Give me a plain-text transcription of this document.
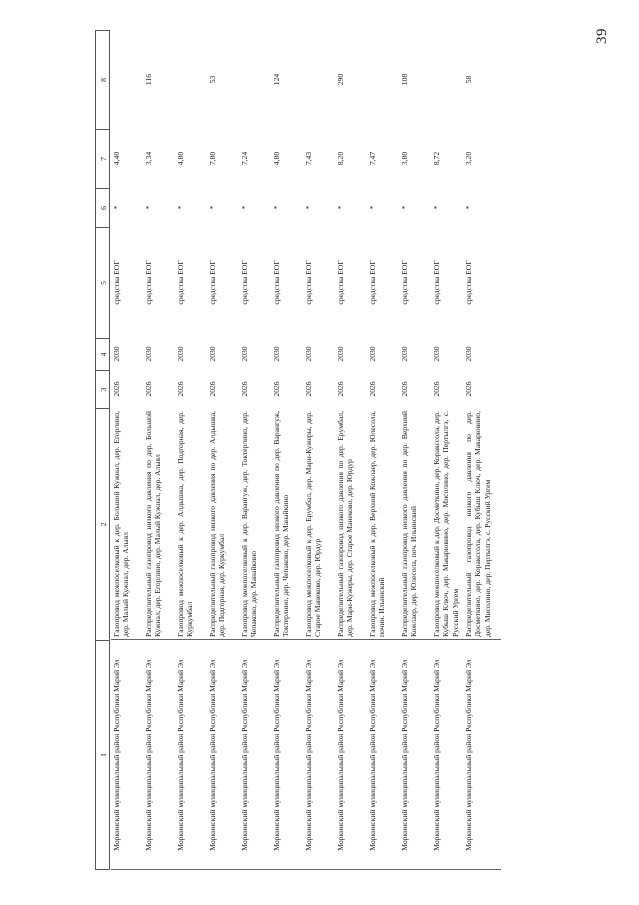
39
1
2
3
4
5
6
7
8
Моркинский муниципальный район Республики Марий Эл
Газопровод межпоселковый к дер. Большой Кужнал, дер. Егорлино, дер. Малый Кужнал, дер. Алыял
2026
2030
средства ЕОГ
*
4,40
Моркинский муниципальный район Республики Марий Эл
Распределительный газопровод низкого давления по дер. Большой Кужнал, дер. Егорлино, дер. Малый Кужнал, дер. Алыял
2026
2030
средства ЕОГ
*
3,34
116
Моркинский муниципальный район Республики Марий Эл
Газопровод межпоселковый к дер. Алдышка, дер. Подгорная, дер. Куркумбал
2026
2030
средства ЕОГ
*
4,80
Моркинский муниципальный район Республики Марий Эл
Распределительный газопровод низкого давления по дер. Алдышка, дер. Подгорная, дер. Куркумбал
2026
2030
средства ЕОГ
*
7,80
53
Моркинский муниципальный район Республики Марий Эл
Газопровод межпоселковый к дер. Варангуж, дер. Токтерлино, дер. Чепаково, дер. Манайкино
2026
2030
средства ЕОГ
*
7,24
Моркинский муниципальный район Республики Марий Эл
Распределительный газопровод низкого давления по дер. Варангуж, Токтерлино, дер. Чепаково, дер. Манайкино
2026
2030
средства ЕОГ
*
4,80
124
Моркинский муниципальный район Республики Марий Эл
Газопровод межпоселковый к дер. Ерумбал, дер. Мари-Кужеры, дер. Старое Манеково, дер. Юрдур
2026
2030
средства ЕОГ
*
7,43
Моркинский муниципальный район Республики Марий Эл
Распределительный газопровод низкого давления по дер. Ерумбал, дер. Мари-Кужеры, дер. Старое Манеково, дер. Юрдур
2026
2030
средства ЕОГ
*
8,20
290
Моркинский муниципальный район Республики Марий Эл
Газопровод межпоселковый к дер. Верхний Кожлаер, дер. Юлесола, почин. Ильинский
2026
2030
средства ЕОГ
*
7,47
Моркинский муниципальный район Республики Марий Эл
Распределительный газопровод низкого давления по дер. Верхний Кожлаер, дер. Юлесола, поч. Ильинский
2026
2030
средства ЕОГ
*
3,80
108
Моркинский муниципальный район Республики Марий Эл
Газопровод межпоселковый к дер. Досметкино, дер. Коракссола, дер. Кубыш Ключ, дер. Макарювино, дер. Мисолино, дер. Пертылгэ, с. Русский Ургем
2026
2030
средства ЕОГ
*
8,72
Моркинский муниципальный район Республики Марий Эл
Распределительный газопровод низкого давления по дер. Досметкино, дер. Коракссола, дер. Кубыш Ключ, дер. Макарювино, дер. Мисолино, дер. Пертылгэ, с. Русский Ургем
2026
2030
средства ЕОГ
*
3,20
58
